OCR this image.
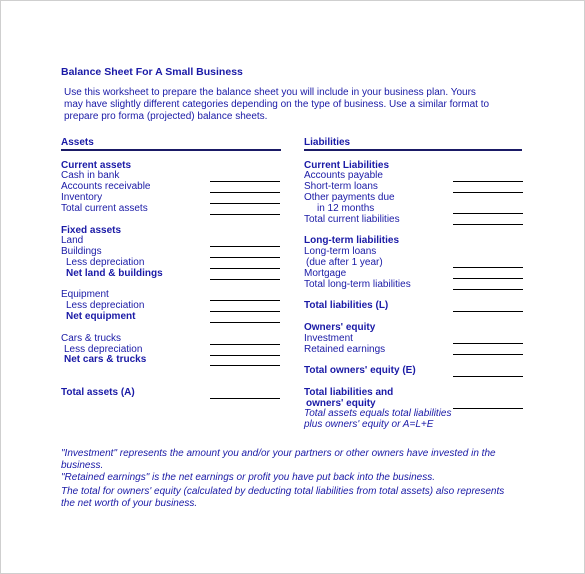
Balance Sheet For A Small Business
Use this worksheet to prepare the balance sheet you will include in your business plan. Yours
may have slightly different categories depending on the type of business. Use a similar format to
prepare pro forma (projected) balance sheets.
Assets
Current assets
Cash in bank
Accounts receivable
Inventory
Total current assets
Fixed assets
Land
Buildings
Less depreciation
Net land & buildings
Equipment
Less depreciation
Net equipment
Cars & trucks
Less depreciation
Net cars & trucks
Total assets (A)
Liabilities
Current Liabilities
Accounts payable
Short-term loans
Other payments due
in 12 months
Total current liabilities
Long-term liabilities
Long-term loans
(due after 1 year)
Mortgage
Total long-term liabilities
Total liabilities (L)
Owners' equity
Investment
Retained earnings
Total owners' equity (E)
Total liabilities and
owners' equity
Total assets equals total liabilities
plus owners' equity or A=L+E
"Investment" represents the amount you and/or your partners or other owners have invested in the
business.
"Retained earnings" is the net earnings or profit you have put back into the business.
The total for owners' equity (calculated by deducting total liabilities from total assets) also represents
the net worth of your business.
